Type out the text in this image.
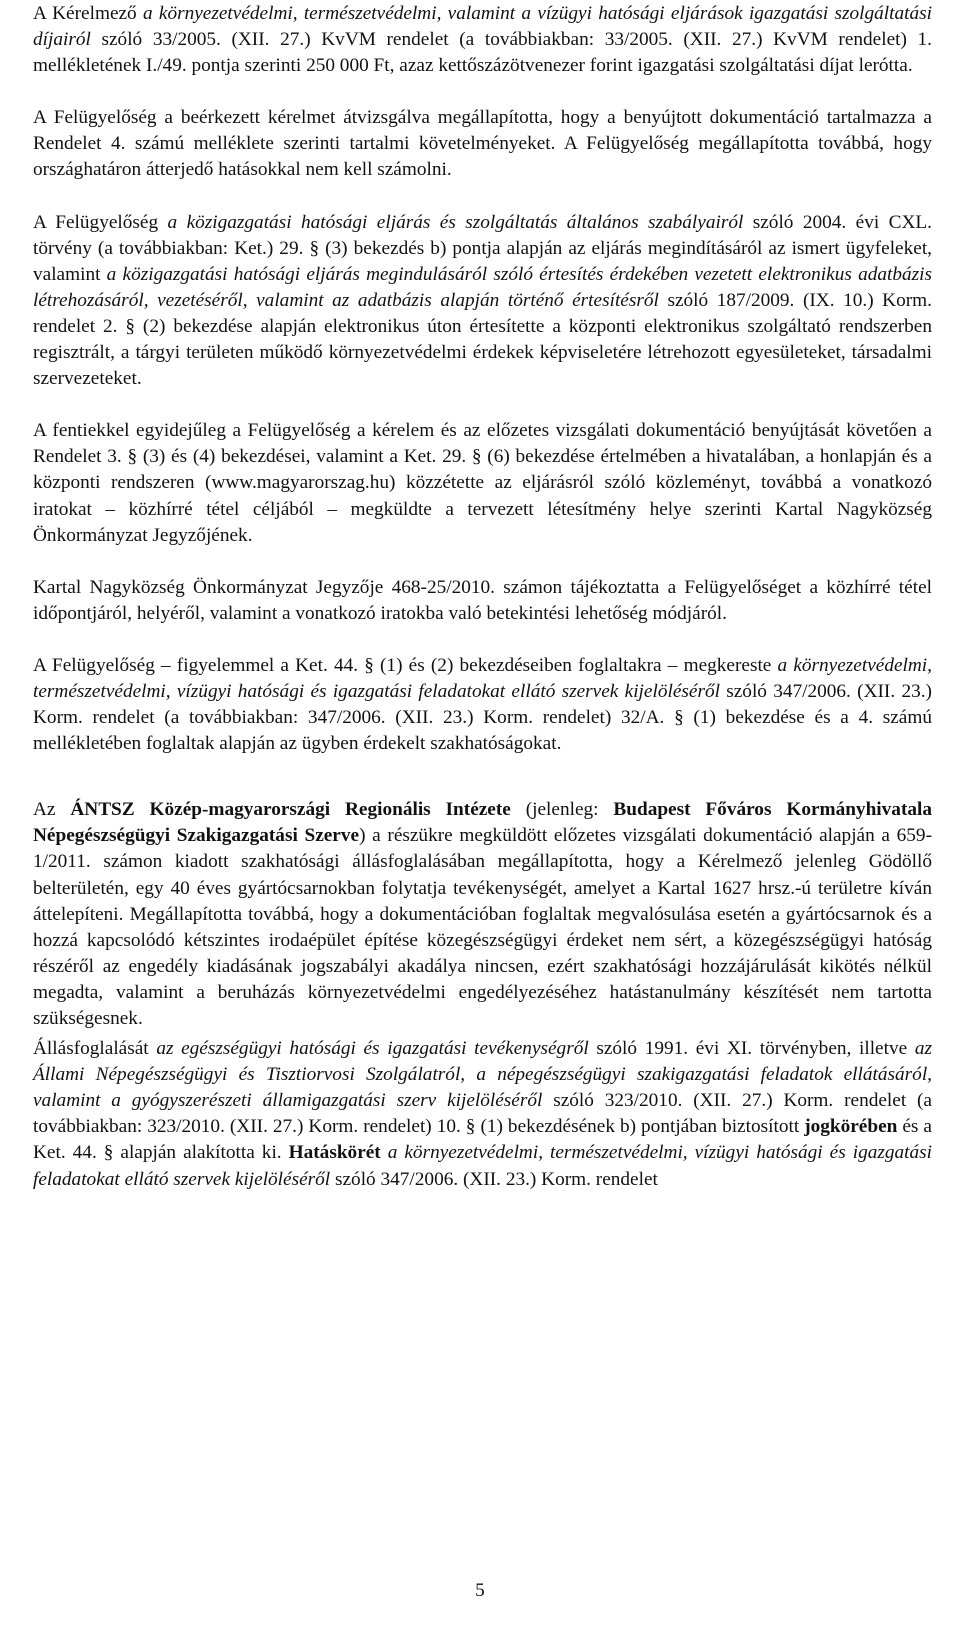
A Kérelmező a környezetvédelmi, természetvédelmi, valamint a vízügyi hatósági eljárások igazgatási szolgáltatási díjairól szóló 33/2005. (XII. 27.) KvVM rendelet (a továbbiakban: 33/2005. (XII. 27.) KvVM rendelet) 1. mellékletének I./49. pontja szerinti 250 000 Ft, azaz kettőszázötvenezer forint igazgatási szolgáltatási díjat lerótta.

A Felügyelőség a beérkezett kérelmet átvizsgálva megállapította, hogy a benyújtott dokumentáció tartalmazza a Rendelet 4. számú melléklete szerinti tartalmi követelményeket. A Felügyelőség megállapította továbbá, hogy országhatáron átterjedő hatásokkal nem kell számolni.

A Felügyelőség a közigazgatási hatósági eljárás és szolgáltatás általános szabályairól szóló 2004. évi CXL. törvény (a továbbiakban: Ket.) 29. § (3) bekezdés b) pontja alapján az eljárás megindításáról az ismert ügyfeleket, valamint a közigazgatási hatósági eljárás megindulásáról szóló értesítés érdekében vezetett elektronikus adatbázis létrehozásáról, vezetéséről, valamint az adatbázis alapján történő értesítésről szóló 187/2009. (IX. 10.) Korm. rendelet 2. § (2) bekezdése alapján elektronikus úton értesítette a központi elektronikus szolgáltató rendszerben regisztrált, a tárgyi területen működő környezetvédelmi érdekek képviseletére létrehozott egyesületeket, társadalmi szervezeteket.

A fentiekkel egyidejűleg a Felügyelőség a kérelem és az előzetes vizsgálati dokumentáció benyújtását követően a Rendelet 3. § (3) és (4) bekezdései, valamint a Ket. 29. § (6) bekezdése értelmében a hivatalában, a honlapján és a központi rendszeren (www.magyarorszag.hu) közzétette az eljárásról szóló közleményt, továbbá a vonatkozó iratokat – közhírré tétel céljából – megküldte a tervezett létesítmény helye szerinti Kartal Nagyközség Önkormányzat Jegyzőjének.

Kartal Nagyközség Önkormányzat Jegyzője 468-25/2010. számon tájékoztatta a Felügyelőséget a közhírré tétel időpontjáról, helyéről, valamint a vonatkozó iratokba való betekintési lehetőség módjáról.

A Felügyelőség – figyelemmel a Ket. 44. § (1) és (2) bekezdéseiben foglaltakra – megkereste a környezetvédelmi, természetvédelmi, vízügyi hatósági és igazgatási feladatokat ellátó szervek kijelöléséről szóló 347/2006. (XII. 23.) Korm. rendelet (a továbbiakban: 347/2006. (XII. 23.) Korm. rendelet) 32/A. § (1) bekezdése és a 4. számú mellékletében foglaltak alapján az ügyben érdekelt szakhatóságokat.

Az ÁNTSZ Közép-magyarországi Regionális Intézete (jelenleg: Budapest Főváros Kormányhivatala Népegészségügyi Szakigazgatási Szerve) a részükre megküldött előzetes vizsgálati dokumentáció alapján a 659-1/2011. számon kiadott szakhatósági állásfoglalásában megállapította, hogy a Kérelmező jelenleg Gödöllő belterületén, egy 40 éves gyártócsarnokban folytatja tevékenységét, amelyet a Kartal 1627 hrsz.-ú területre kíván áttelepíteni. Megállapította továbbá, hogy a dokumentációban foglaltak megvalósulása esetén a gyártócsarnok és a hozzá kapcsolódó kétszintes irodaépület építése közegészségügyi érdeket nem sért, a közegészségügyi hatóság részéről az engedély kiadásának jogszabályi akadálya nincsen, ezért szakhatósági hozzájárulását kikötés nélkül megadta, valamint a beruházás környezetvédelmi engedélyezéséhez hatástanulmány készítését nem tartotta szükségesnek.

Állásfoglalását az egészségügyi hatósági és igazgatási tevékenységről szóló 1991. évi XI. törvényben, illetve az Állami Népegészségügyi és Tisztiorvosi Szolgálatról, a népegészségügyi szakigazgatási feladatok ellátásáról, valamint a gyógyszerészeti államigazgatási szerv kijelöléséről szóló 323/2010. (XII. 27.) Korm. rendelet (a továbbiakban: 323/2010. (XII. 27.) Korm. rendelet) 10. § (1) bekezdésének b) pontjában biztosított jogkörében és a Ket. 44. § alapján alakította ki. Hatáskörét a környezetvédelmi, természetvédelmi, vízügyi hatósági és igazgatási feladatokat ellátó szervek kijelöléséről szóló 347/2006. (XII. 23.) Korm. rendelet

5
